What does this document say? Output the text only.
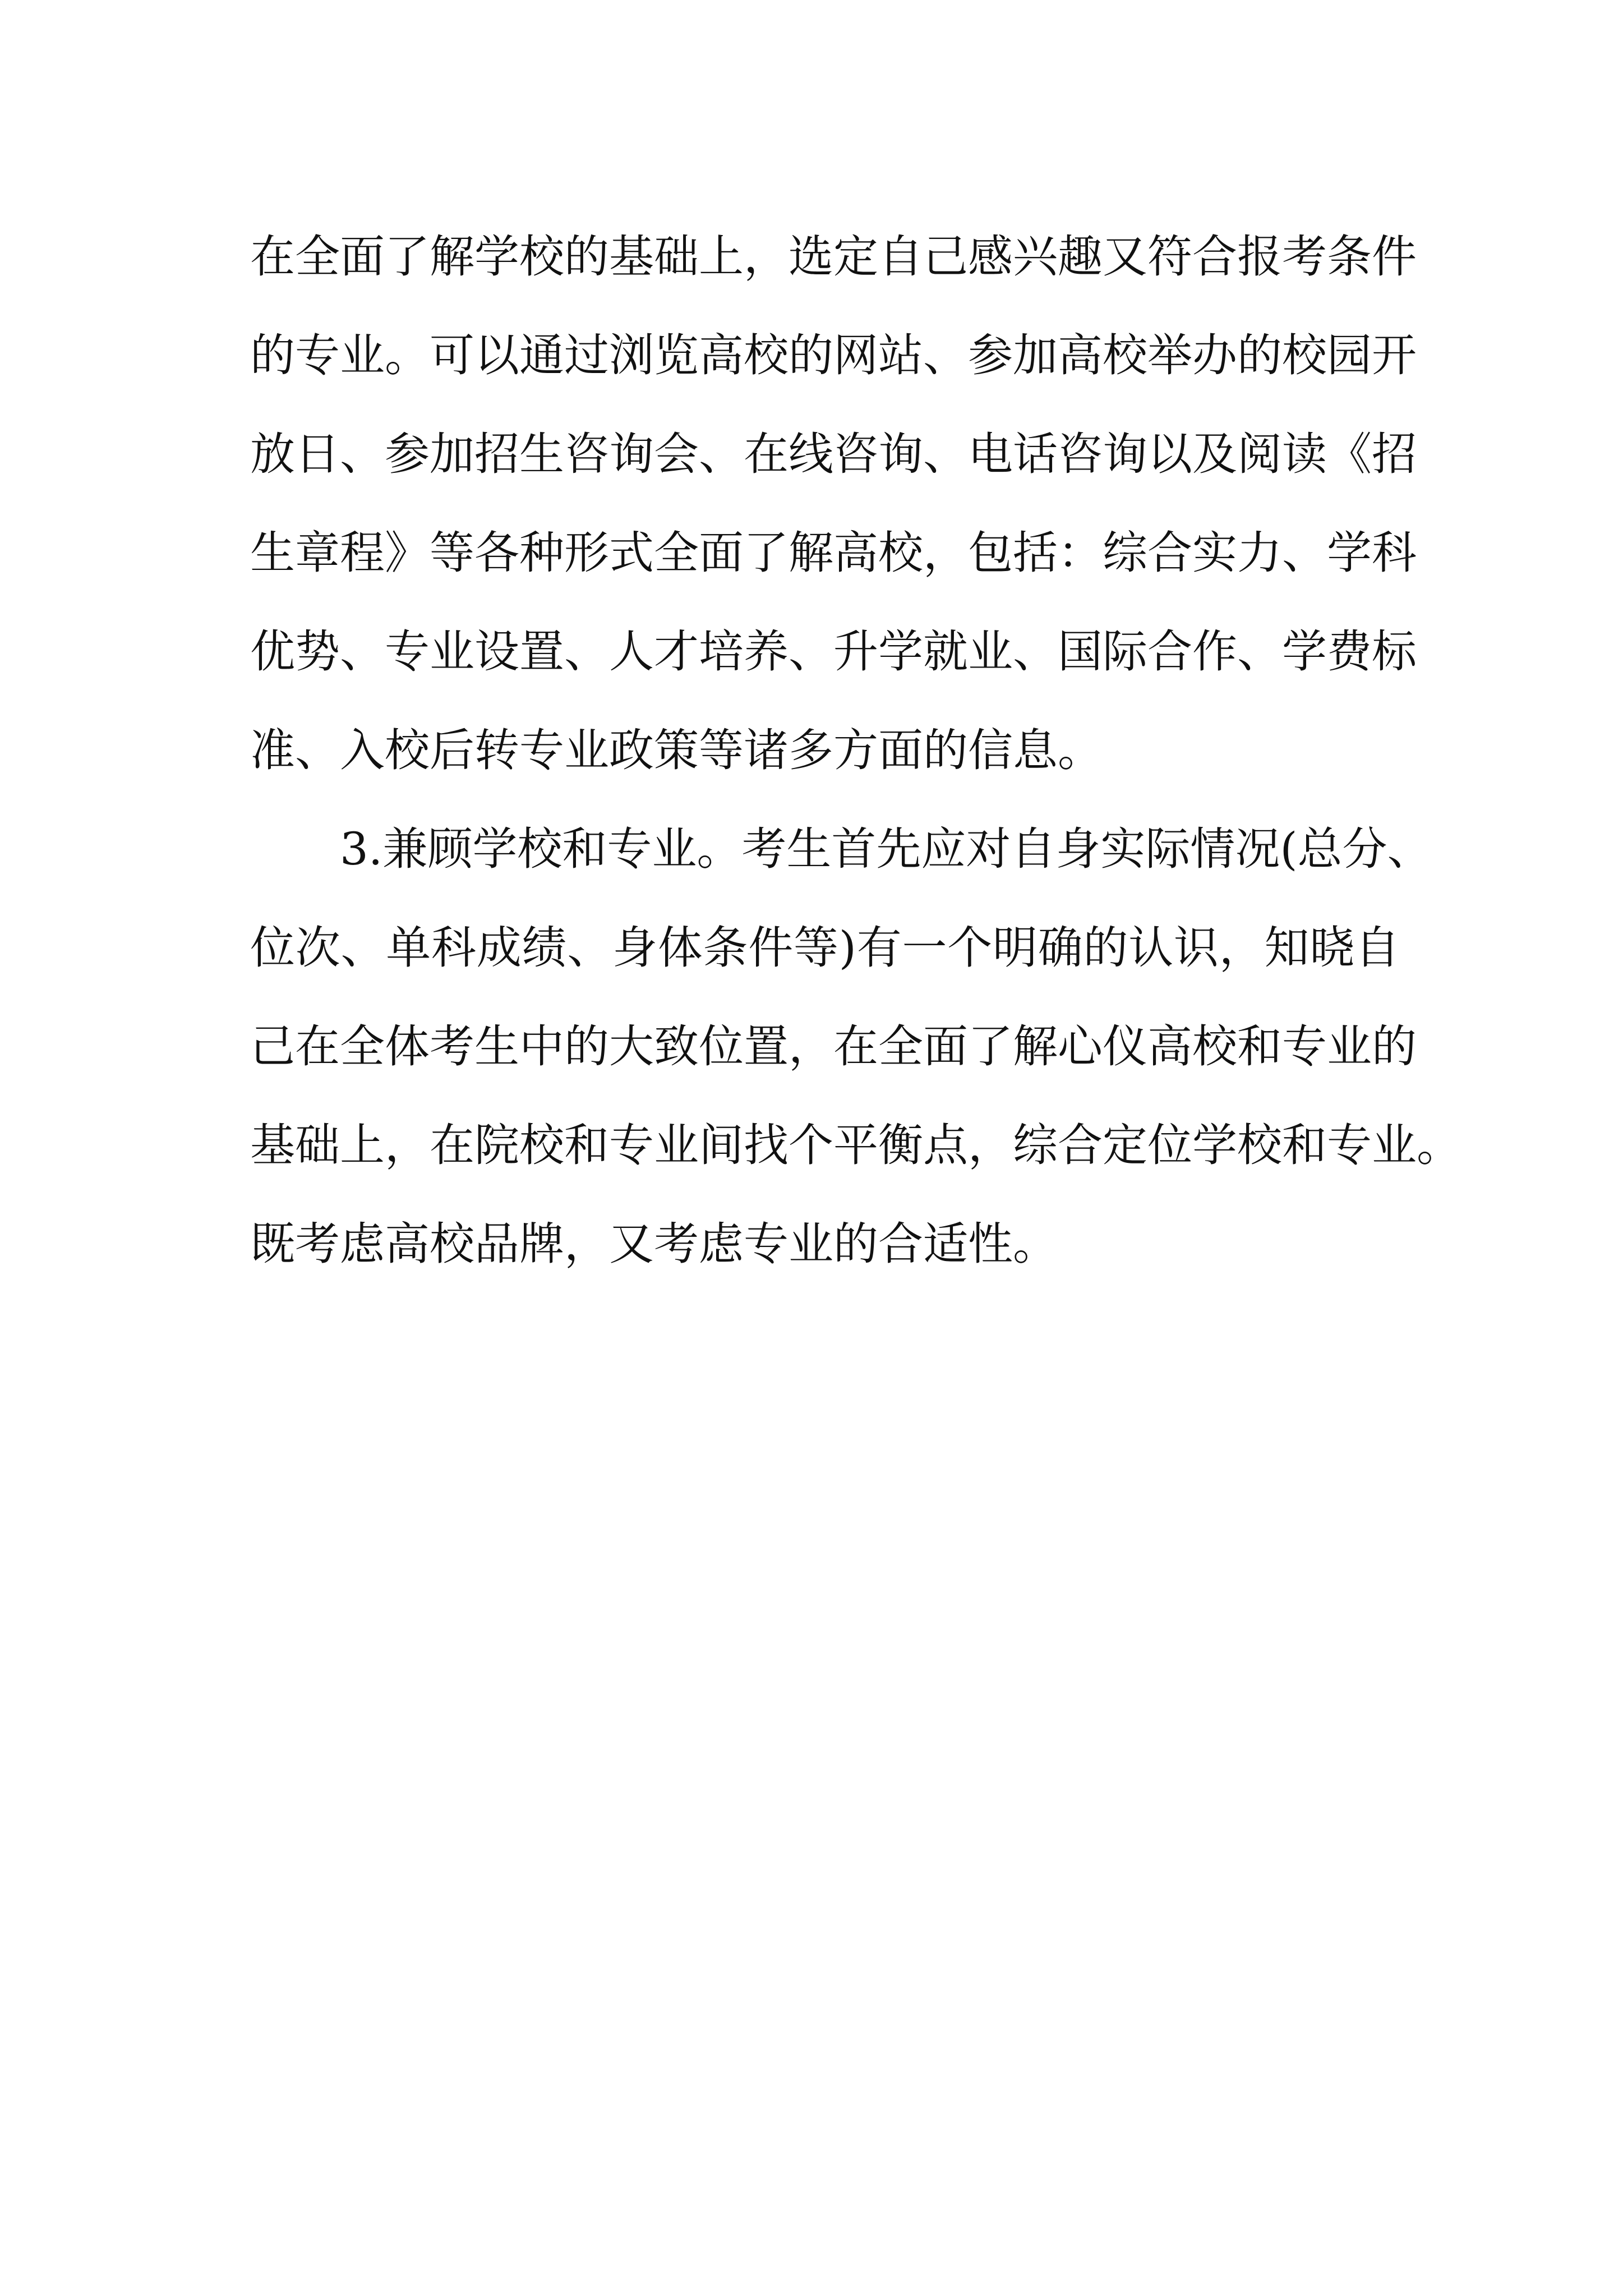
在全面了解学校的基础上，选定自己感兴趣又符合报考条件
的专业。可以通过浏览高校的网站、参加高校举办的校园开
放日、参加招生咨询会、在线咨询、电话咨询以及阅读《招
生章程》等各种形式全面了解高校，包括：综合实力、学科
优势、专业设置、人才培养、升学就业、国际合作、学费标
准、入校后转专业政策等诸多方面的信息。
3.兼顾学校和专业。考生首先应对自身实际情况(总分、
位次、单科成绩、身体条件等)有一个明确的认识，知晓自
己在全体考生中的大致位置，在全面了解心仪高校和专业的
基础上，在院校和专业间找个平衡点，综合定位学校和专业。
既考虑高校品牌，又考虑专业的合适性。
